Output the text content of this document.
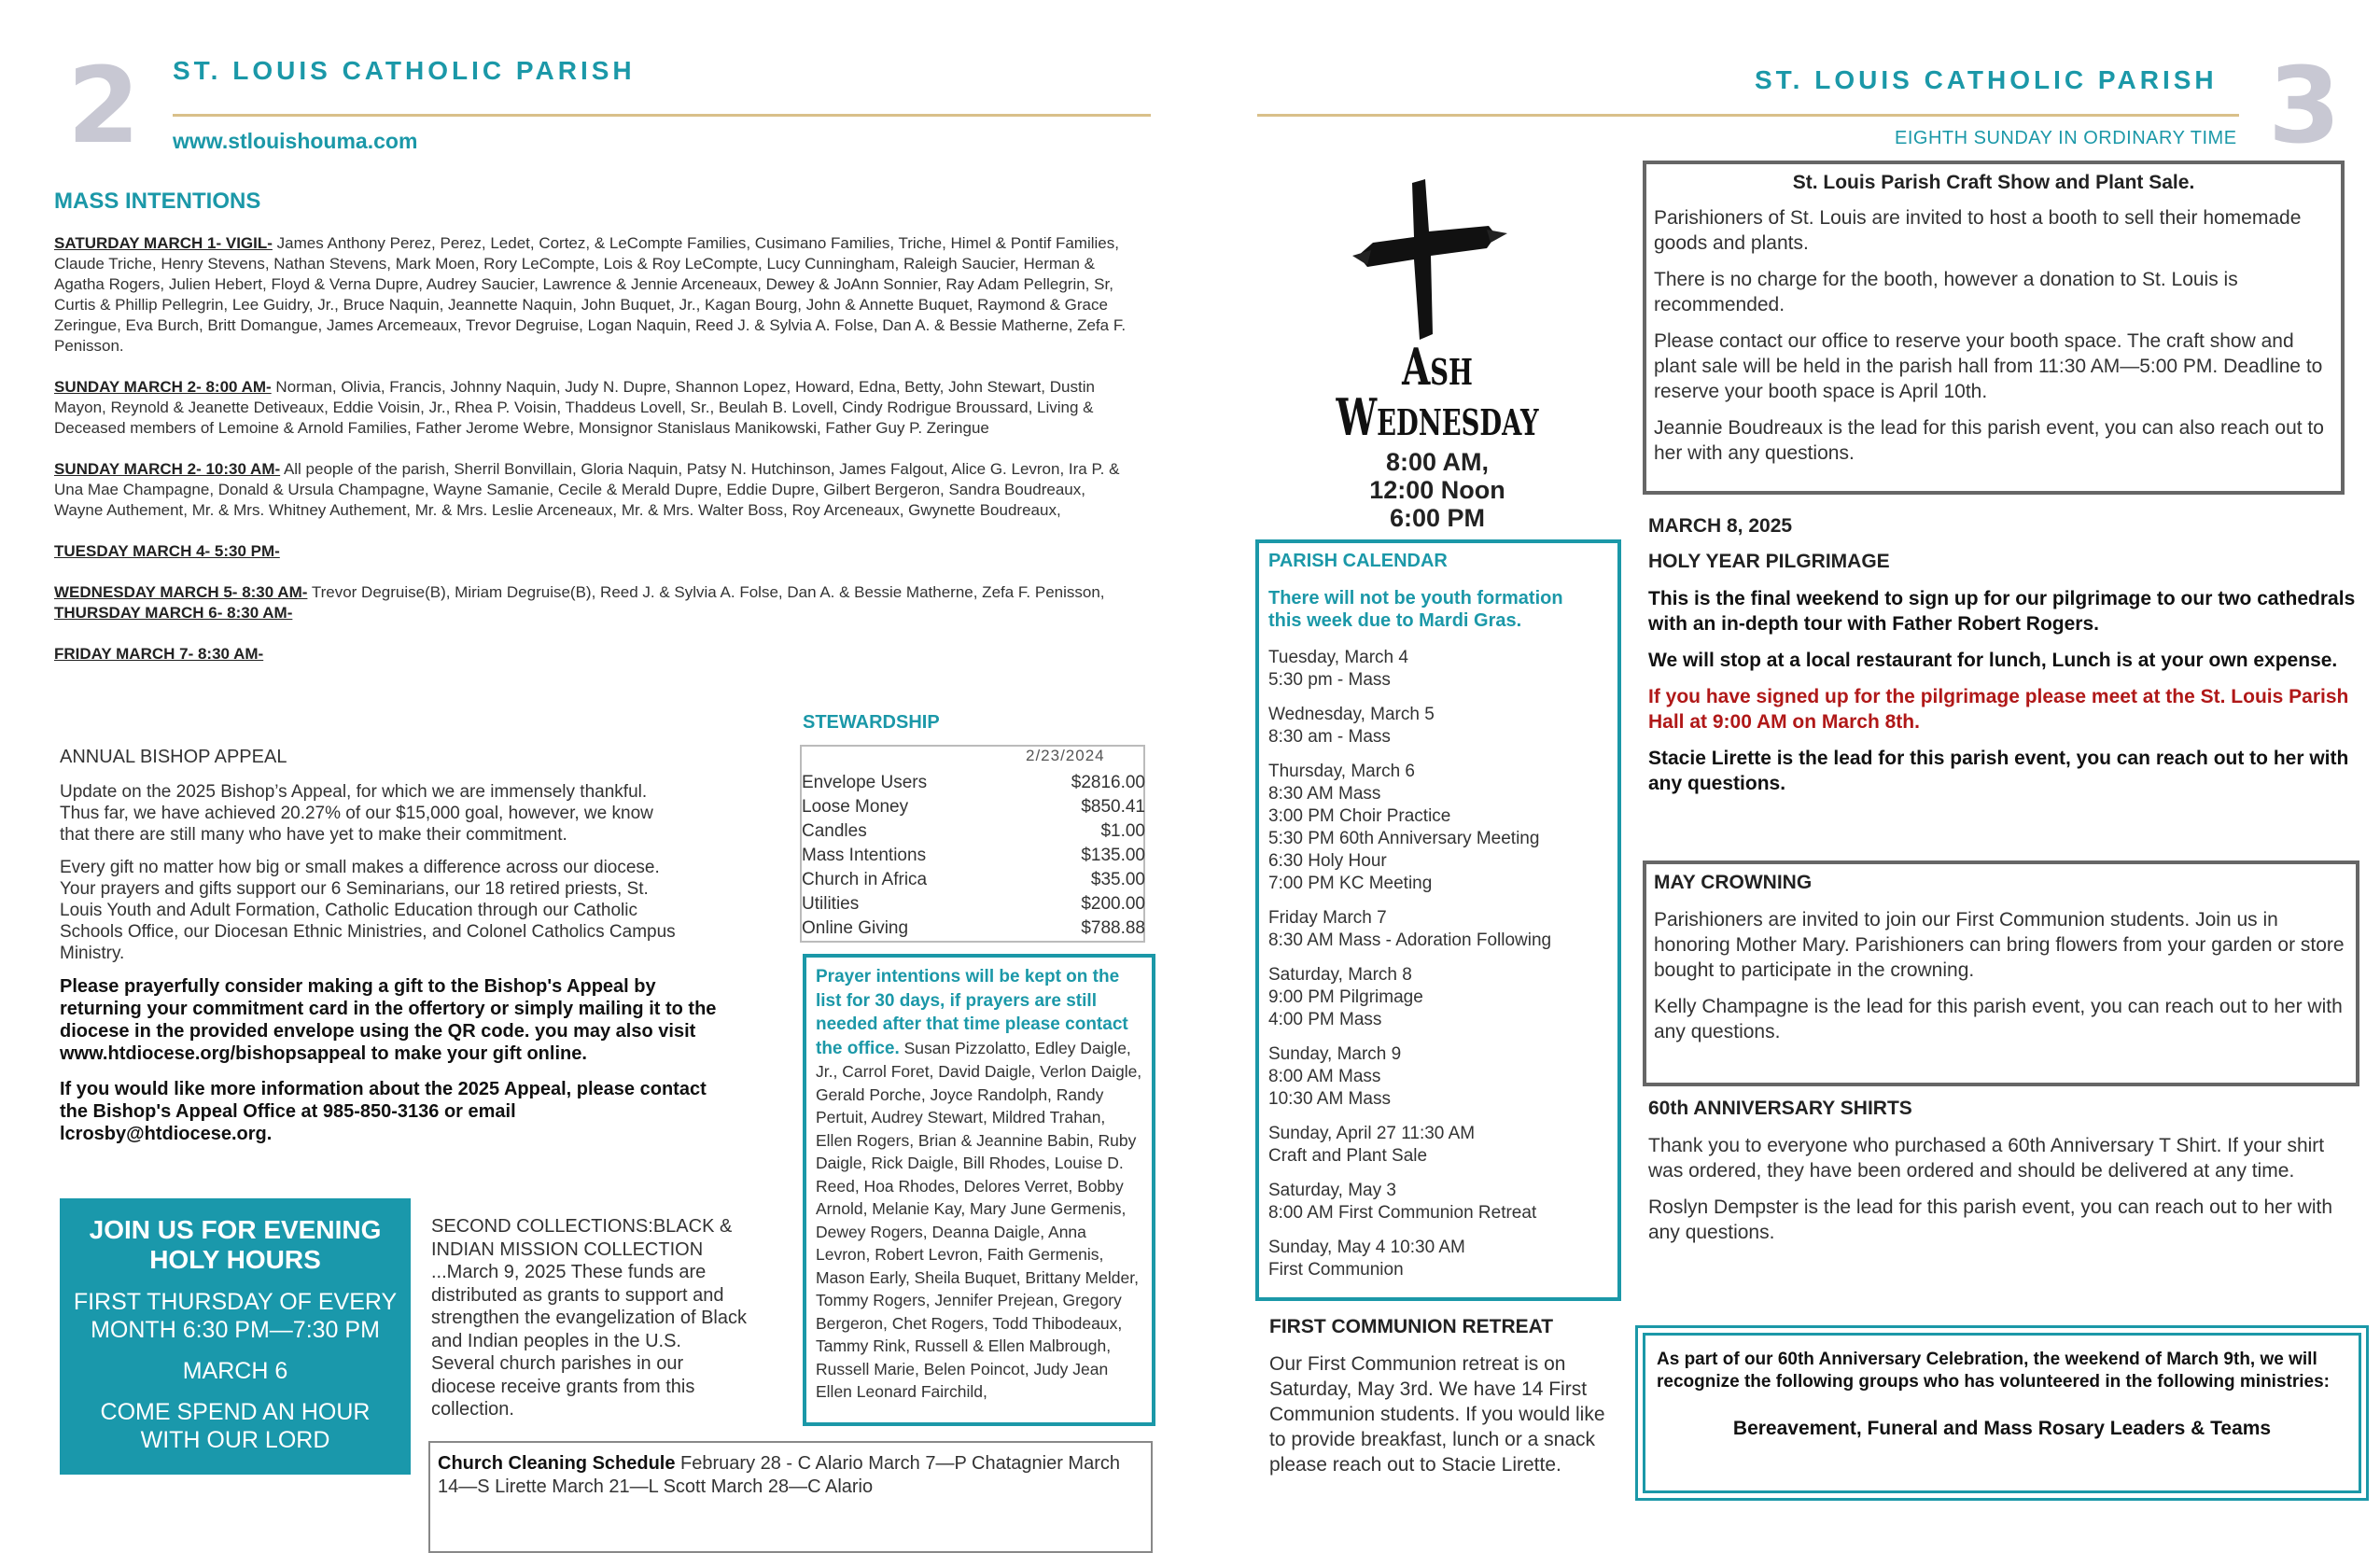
2 ST. LOUIS CATHOLIC PARISH
www.stlouishouma.com
MASS INTENTIONS

SATURDAY MARCH 1- VIGIL- James Anthony Perez, Perez, Ledet, Cortez, & LeCompte Families, Cusimano Families, Triche, Himel & Pontif Families, Claude Triche, Henry Stevens, Nathan Stevens, Mark Moen, Rory LeCompte, Lois & Roy LeCompte, Lucy Cunningham, Raleigh Saucier, Herman & Agatha Rogers, Julien Hebert, Floyd & Verna Dupre, Audrey Saucier, Lawrence & Jennie Arceneaux, Dewey & JoAnn Sonnier, Ray Adam Pellegrin, Sr, Curtis & Phillip Pellegrin, Lee Guidry, Jr., Bruce Naquin, Jeannette Naquin, John Buquet, Jr., Kagan Bourg, John & Annette Buquet, Raymond & Grace Zeringue, Eva Burch, Britt Domangue, James Arcemeaux, Trevor Degruise, Logan Naquin, Reed J. & Sylvia A. Folse, Dan A. & Bessie Matherne, Zefa F. Penisson.

SUNDAY MARCH 2- 8:00 AM- Norman, Olivia, Francis, Johnny Naquin, Judy N. Dupre, Shannon Lopez, Howard, Edna, Betty, John Stewart, Dustin Mayon, Reynold & Jeanette Detiveaux, Eddie Voisin, Jr., Rhea P. Voisin, Thaddeus Lovell, Sr., Beulah B. Lovell, Cindy Rodrigue Broussard, Living & Deceased members of Lemoine & Arnold Families, Father Jerome Webre, Monsignor Stanislaus Manikowski, Father Guy P. Zeringue

SUNDAY MARCH 2- 10:30 AM- All people of the parish, Sherril Bonvillain, Gloria Naquin, Patsy N. Hutchinson, James Falgout, Alice G. Levron, Ira P. & Una Mae Champagne, Donald & Ursula Champagne, Wayne Samanie, Cecile & Merald Dupre, Eddie Dupre, Gilbert Bergeron, Sandra Boudreaux, Wayne Authement, Mr. & Mrs. Whitney Authement, Mr. & Mrs. Leslie Arceneaux, Mr. & Mrs. Walter Boss, Roy Arceneaux, Gwynette Boudreaux,

TUESDAY MARCH 4- 5:30 PM-

WEDNESDAY MARCH 5- 8:30 AM- Trevor Degruise(B), Miriam Degruise(B), Reed J. & Sylvia A. Folse, Dan A. & Bessie Matherne, Zefa F. Penisson,

THURSDAY MARCH 6- 8:30 AM-

FRIDAY MARCH 7- 8:30 AM-

ANNUAL BISHOP APPEAL

Update on the 2025 Bishop’s Appeal, for which we are immensely thankful. Thus far, we have achieved 20.27% of our $15,000 goal, however, we know that there are still many who have yet to make their commitment.

Every gift no matter how big or small makes a difference across our diocese. Your prayers and gifts support our 6 Seminarians, our 18 retired priests, St. Louis Youth and Adult Formation, Catholic Education through our Catholic Schools Office, our Diocesan Ethnic Ministries, and Colonel Catholics Campus Ministry.

Please prayerfully consider making a gift to the Bishop's Appeal by returning your commitment card in the offertory or simply mailing it to the diocese in the provided envelope using the QR code. you may also visit www.htdiocese.org/bishopsappeal to make your gift online.

If you would like more information about the 2025 Appeal, please contact the Bishop's Appeal Office at 985-850-3136 or email lcrosby@htdiocese.org.

STEWARDSHIP
2/23/2024
Envelope Users	$2816.00
Loose Money	$850.41
Candles	$1.00
Mass Intentions	$135.00
Church in Africa	$35.00
Utilities	$200.00
Online Giving	$788.88

Prayer intentions will be kept on the list for 30 days, if prayers are still needed after that time please contact the office. Susan Pizzolatto, Edley Daigle, Jr., Carrol Foret, David Daigle, Verlon Daigle, Gerald Porche, Joyce Randolph, Randy Pertuit, Audrey Stewart, Mildred Trahan, Ellen Rogers, Brian & Jeannine Babin, Ruby Daigle, Rick Daigle, Bill Rhodes, Louise D. Reed, Hoa Rhodes, Delores Verret, Bobby Arnold, Melanie Kay, Mary June Germenis, Dewey Rogers, Deanna Daigle, Anna Levron, Robert Levron, Faith Germenis, Mason Early, Sheila Buquet, Brittany Melder, Tommy Rogers, Jennifer Prejean, Gregory Bergeron, Chet Rogers, Todd Thibodeaux, Tammy Rink, Russell & Ellen Malbrough, Russell Marie, Belen Poincot, Judy Jean Ellen Leonard Fairchild,

JOIN US FOR EVENING HOLY HOURS
FIRST THURSDAY OF EVERY MONTH 6:30 PM—7:30 PM
MARCH 6
COME SPEND AN HOUR WITH OUR LORD

SECOND COLLECTIONS:BLACK & INDIAN MISSION COLLECTION ...March 9, 2025 These funds are distributed as grants to support and strengthen the evangelization of Black and Indian peoples in the U.S. Several church parishes in our diocese receive grants from this collection.

Church Cleaning Schedule February 28 - C Alario March 7—P Chatagnier March 14—S Lirette March 21—L Scott March 28—C Alario

ST. LOUIS CATHOLIC PARISH 3
EIGHTH SUNDAY IN ORDINARY TIME
Ash
Wednesday
8:00 AM,
12:00 Noon
6:00 PM
PARISH CALENDAR
There will not be youth formation this week due to Mardi Gras.
Tuesday, March 4
5:30 pm - Mass
Wednesday, March 5
8:30 am - Mass
Thursday, March 6
8:30 AM Mass
3:00 PM Choir Practice
5:30 PM 60th Anniversary Meeting
6:30 Holy Hour
7:00 PM KC Meeting
Friday March 7
8:30 AM Mass - Adoration Following
Saturday, March 8
9:00 PM Pilgrimage
4:00 PM Mass
Sunday, March 9
8:00 AM Mass
10:30 AM Mass
Sunday, April 27 11:30 AM
Craft and Plant Sale
Saturday, May 3
8:00 AM First Communion Retreat
Sunday, May 4 10:30 AM
First Communion
FIRST COMMUNION RETREAT

Our First Communion retreat is on Saturday, May 3rd. We have 14 First Communion students. If you would like to provide breakfast, lunch or a snack please reach out to Stacie Lirette.

St. Louis Parish Craft Show and Plant Sale.

Parishioners of St. Louis are invited to host a booth to sell their homemade goods and plants.

There is no charge for the booth, however a donation to St. Louis is recommended.

Please contact our office to reserve your booth space. The craft show and plant sale will be held in the parish hall from 11:30 AM—5:00 PM. Deadline to reserve your booth space is April 10th.

Jeannie Boudreaux is the lead for this parish event, you can also reach out to her with any questions.

MARCH 8, 2025
HOLY YEAR PILGRIMAGE

This is the final weekend to sign up for our pilgrimage to our two cathedrals with an in-depth tour with Father Robert Rogers.

We will stop at a local restaurant for lunch, Lunch is at your own expense.

If you have signed up for the pilgrimage please meet at the St. Louis Parish Hall at 9:00 AM on March 8th.

Stacie Lirette is the lead for this parish event, you can reach out to her with any questions.

MAY CROWNING

Parishioners are invited to join our First Communion students. Join us in honoring Mother Mary. Parishioners can bring flowers from your garden or store bought to participate in the crowning.

Kelly Champagne is the lead for this parish event, you can reach out to her with any questions.

60th ANNIVERSARY SHIRTS

Thank you to everyone who purchased a 60th Anniversary T Shirt. If your shirt was ordered, they have been ordered and should be delivered at any time.

Roslyn Dempster is the lead for this parish event, you can reach out to her with any questions.

As part of our 60th Anniversary Celebration, the weekend of March 9th, we will recognize the following groups who has volunteered in the following ministries:

Bereavement, Funeral and Mass Rosary Leaders & Teams
